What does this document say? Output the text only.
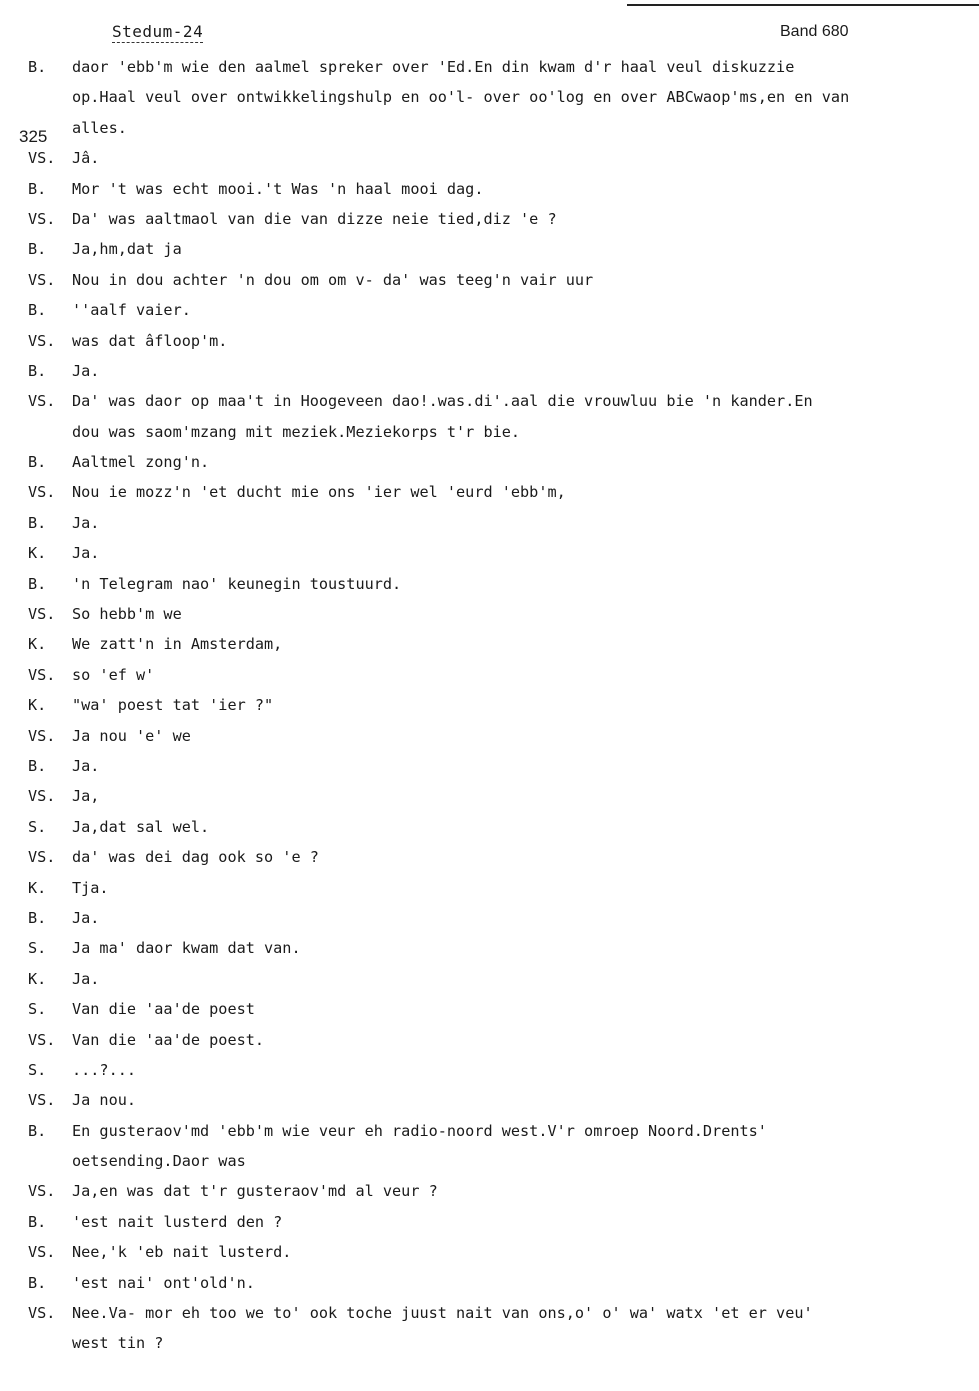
Stedum-24	Band 680
325
B.	daor 'ebb'm wie den aalmel spreker over 'Ed.En din kwam d'r haal veul diskuzzie
op.Haal veul over ontwikkelingshulp en oo'l- over oo'log en over ABCwaop'ms,en en van
alles.
VS.	Jâ.
B.	Mor 't was echt mooi.'t Was 'n haal mooi dag.
VS.	Da' was aaltmaol van die van dizze neie tied,diz 'e ?
B.	Ja,hm,dat ja
VS.	Nou in dou achter 'n dou om om v- da' was teeg'n vair uur
B.	''aalf vaier.
VS.	was dat âfloop'm.
B.	Ja.
VS.	Da' was daor op maa't in Hoogeveen dao!.was.di'.aal die vrouwluu bie 'n kander.En
dou was saom'mzang mit meziek.Meziekorps t'r bie.
B.	Aaltmel zong'n.
VS.	Nou ie mozz'n 'et ducht mie ons 'ier wel 'eurd 'ebb'm,
B.	Ja.
K.	Ja.
B.	'n Telegram nao' keunegin toustuurd.
VS.	So hebb'm we
K.	We zatt'n in Amsterdam,
VS.	so 'ef w'
K.	"wa' poest tat 'ier ?"
VS.	Ja nou 'e' we
B.	Ja.
VS.	Ja,
S.	Ja,dat sal wel.
VS.	da' was dei dag ook so 'e ?
K.	Tja.
B.	Ja.
S.	Ja ma' daor kwam dat van.
K.	Ja.
S.	Van die 'aa'de poest
VS.	Van die 'aa'de poest.
S.	...?...
VS.	Ja nou.
B.	En gusteraov'md 'ebb'm wie veur eh radio-noord west.V'r omroep Noord.Drents'
oetsending.Daor was
VS.	Ja,en was dat t'r gusteraov'md al veur ?
B.	'est nait lusterd den ?
VS.	Nee,'k 'eb nait lusterd.
B.	'est nai' ont'old'n.
VS.	Nee.Va- mor eh too we to' ook toche juust nait van ons,o' o' wa' watx 'et er veu'
west tin ?
